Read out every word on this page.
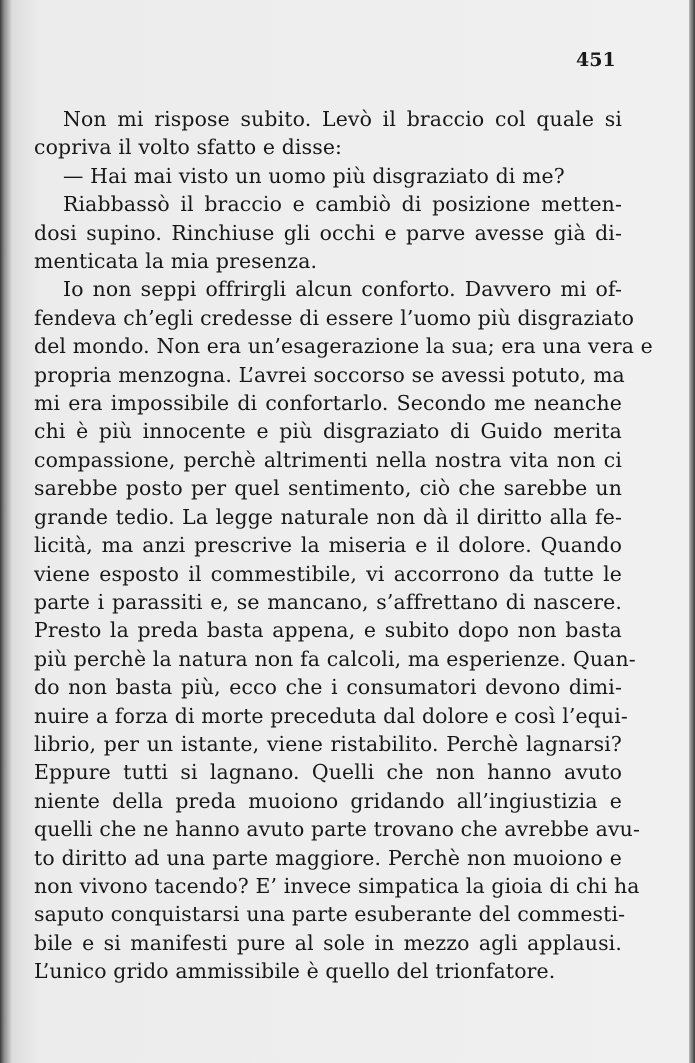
451
Non mi rispose subito. Levò il braccio col quale si
copriva il volto sfatto e disse:
— Hai mai visto un uomo più disgraziato di me?
Riabbassò il braccio e cambiò di posizione metten-
dosi supino. Rinchiuse gli occhi e parve avesse già di-
menticata la mia presenza.
Io non seppi offrirgli alcun conforto. Davvero mi of-
fendeva ch’egli credesse di essere l’uomo più disgraziato
del mondo. Non era un’esagerazione la sua; era una vera e
propria menzogna. L’avrei soccorso se avessi potuto, ma
mi era impossibile di confortarlo. Secondo me neanche
chi è più innocente e più disgraziato di Guido merita
compassione, perchè altrimenti nella nostra vita non ci
sarebbe posto per quel sentimento, ciò che sarebbe un
grande tedio. La legge naturale non dà il diritto alla fe-
licità, ma anzi prescrive la miseria e il dolore. Quando
viene esposto il commestibile, vi accorrono da tutte le
parte i parassiti e, se mancano, s’affrettano di nascere.
Presto la preda basta appena, e subito dopo non basta
più perchè la natura non fa calcoli, ma esperienze. Quan-
do non basta più, ecco che i consumatori devono dimi-
nuire a forza di morte preceduta dal dolore e così l’equi-
librio, per un istante, viene ristabilito. Perchè lagnarsi?
Eppure tutti si lagnano. Quelli che non hanno avuto
niente della preda muoiono gridando all’ingiustizia e
quelli che ne hanno avuto parte trovano che avrebbe avu-
to diritto ad una parte maggiore. Perchè non muoiono e
non vivono tacendo? E’ invece simpatica la gioia di chi ha
saputo conquistarsi una parte esuberante del commesti-
bile e si manifesti pure al sole in mezzo agli applausi.
L’unico grido ammissibile è quello del trionfatore.
